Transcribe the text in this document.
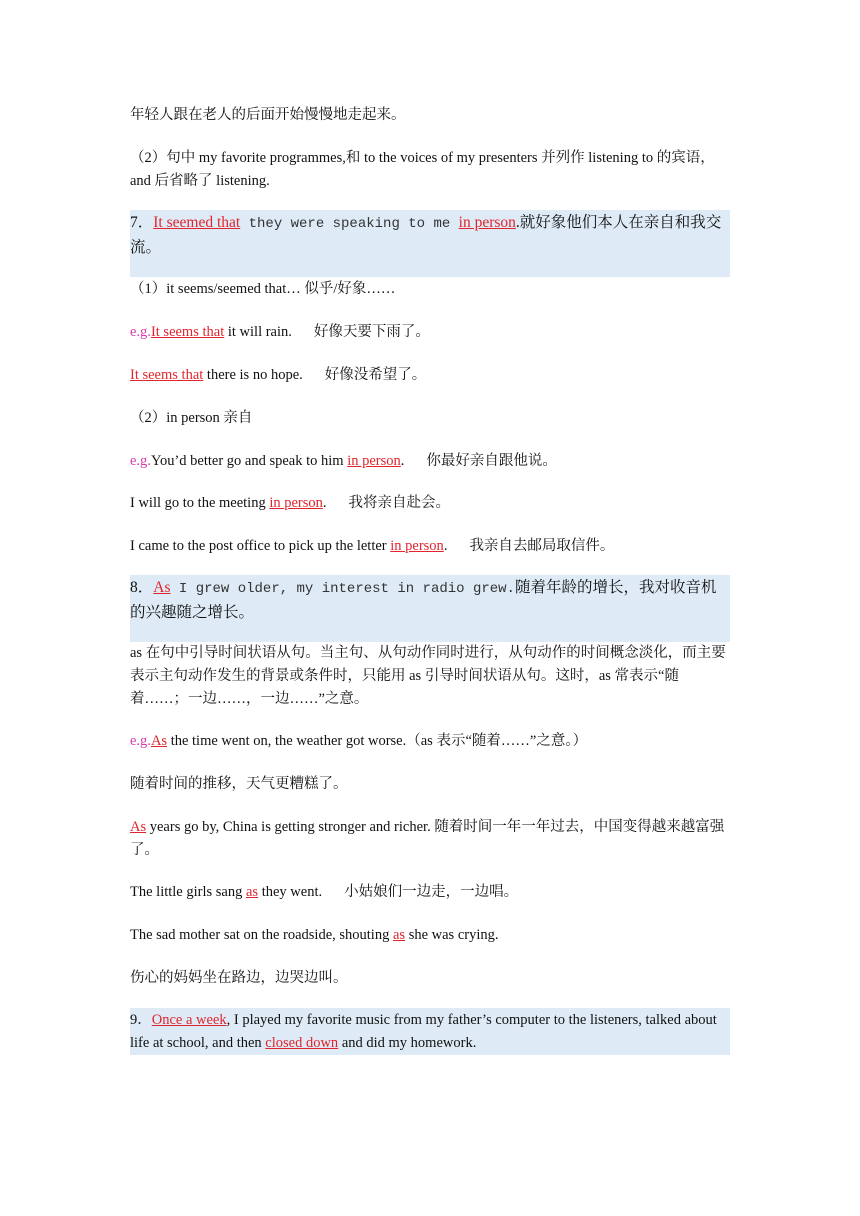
年轻人跟在老人的后面开始慢慢地走起来。

（2）句中 my favorite programmes,和 to the voices of my presenters 并列作 listening to 的宾语，and 后省略了 listening.

7．It seemed that they were speaking to me in person.就好象他们本人在亲自和我交流。

（1）it seems/seemed that… 似乎/好象……

e.g.It seems that it will rain. 好像天要下雨了。

It seems that there is no hope. 好像没希望了。

（2）in person 亲自

e.g.You’d better go and speak to him in person. 你最好亲自跟他说。

I will go to the meeting in person. 我将亲自赴会。

I came to the post office to pick up the letter in person. 我亲自去邮局取信件。

8．As I grew older, my interest in radio grew.随着年龄的增长，我对收音机的兴趣随之增长。

as 在句中引导时间状语从句。当主句、从句动作同时进行，从句动作的时间概念淡化，而主要表示主句动作发生的背景或条件时，只能用 as 引导时间状语从句。这时，as 常表示“随着……；一边……，一边……”之意。

e.g.As the time went on, the weather got worse.（as 表示“随着……”之意。）

随着时间的推移，天气更糟糕了。

As years go by, China is getting stronger and richer. 随着时间一年一年过去，中国变得越来越富强了。

The little girls sang as they went. 小姑娘们一边走，一边唱。

The sad mother sat on the roadside, shouting as she was crying.

伤心的妈妈坐在路边，边哭边叫。

9．Once a week, I played my favorite music from my father’s computer to the listeners, talked about life at school, and then closed down and did my homework.
